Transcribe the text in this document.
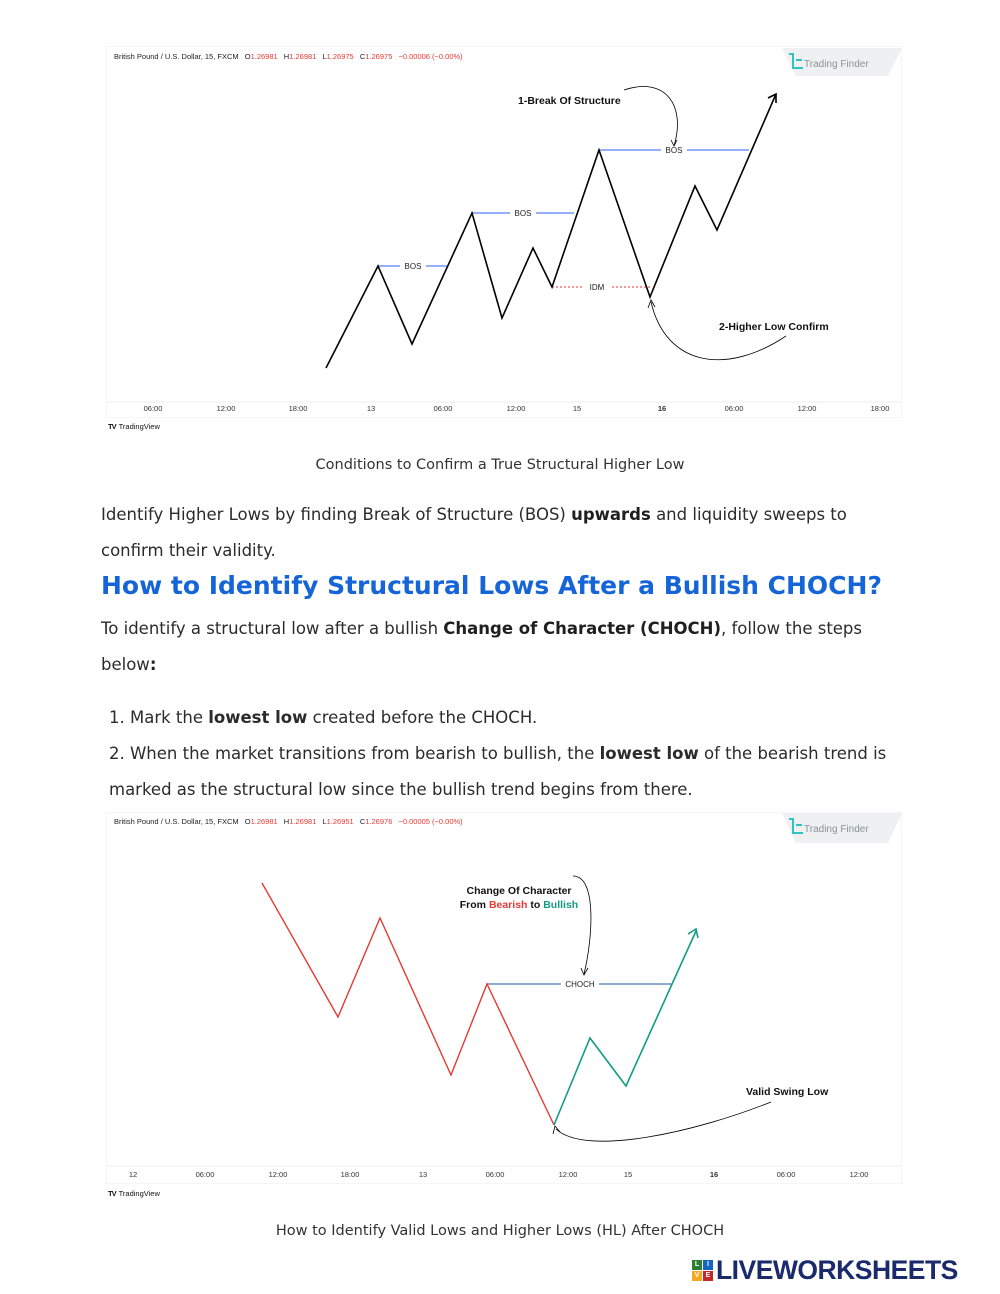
British Pound / U.S. Dollar, 15, FXCM O1.26981 H1.26981 L1.26975 C1.26975 −0.00006 (−0.00%)
Trading Finder
BOS
BOS
BOS
IDM
1-Break Of Structure
2-Higher Low Confirm
06:00	12:00	18:00	13	06:00	12:00	15	16	06:00	12:00	18:00
TV TradingView
Conditions to Confirm a True Structural Higher Low
Identify Higher Lows by finding Break of Structure (BOS) upwards and liquidity sweeps to confirm their validity.
How to Identify Structural Lows After a Bullish CHOCH?
To identify a structural low after a bullish Change of Character (CHOCH), follow the steps below:
1. Mark the lowest low created before the CHOCH.
2. When the market transitions from bearish to bullish, the lowest low of the bearish trend is marked as the structural low since the bullish trend begins from there.
British Pound / U.S. Dollar, 15, FXCM O1.26981 H1.26981 L1.26951 C1.26976 −0.00005 (−0.00%)
Trading Finder
CHOCH
Change Of Character
From Bearish to Bullish
Valid Swing Low
12	06:00	12:00	18:00	13	06:00	12:00	15	16	06:00	12:00
TV TradingView
How to Identify Valid Lows and Higher Lows (HL) After CHOCH
L	I
V E LIVEWORKSHEETS
